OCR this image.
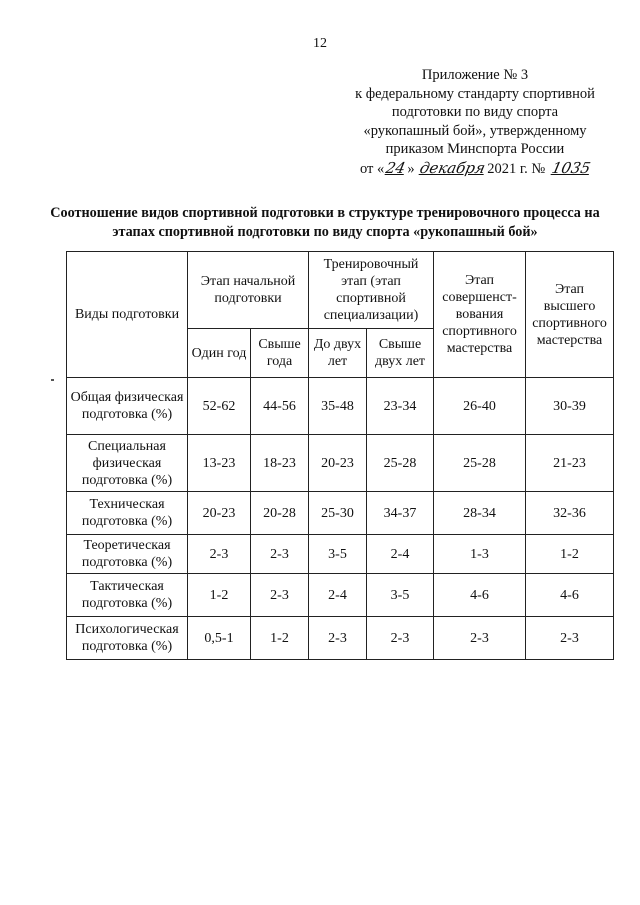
12
Приложение № 3
к федеральному стандарту спортивной
подготовки по виду спорта
«рукопашный бой», утвержденному
приказом Минспорта России
от «24» декабря2021 г. № 1035
Соотношение видов спортивной подготовки в структуре тренировочного процесса на этапах спортивной подготовки по виду спорта «рукопашный бой»
Виды подготовки	Этап начальной подготовки		Тренировочный этап (этап спортивной специализации)		Этап совершенст-вования спортивного мастерства	Этап высшего спортивного мастерства
	Один год	Свыше года	До двух лет	Свыше двух лет		
Общая физическая подготовка (%)	52-62	44-56	35-48	23-34	26-40	30-39
Специальная физическая подготовка (%)	13-23	18-23	20-23	25-28	25-28	21-23
Техническая подготовка (%)	20-23	20-28	25-30	34-37	28-34	32-36
Теоретическая подготовка (%)	2-3	2-3	3-5	2-4	1-3	1-2
Тактическая подготовка (%)	1-2	2-3	2-4	3-5	4-6	4-6
Психологическая подготовка (%)	0,5-1	1-2	2-3	2-3	2-3	2-3
